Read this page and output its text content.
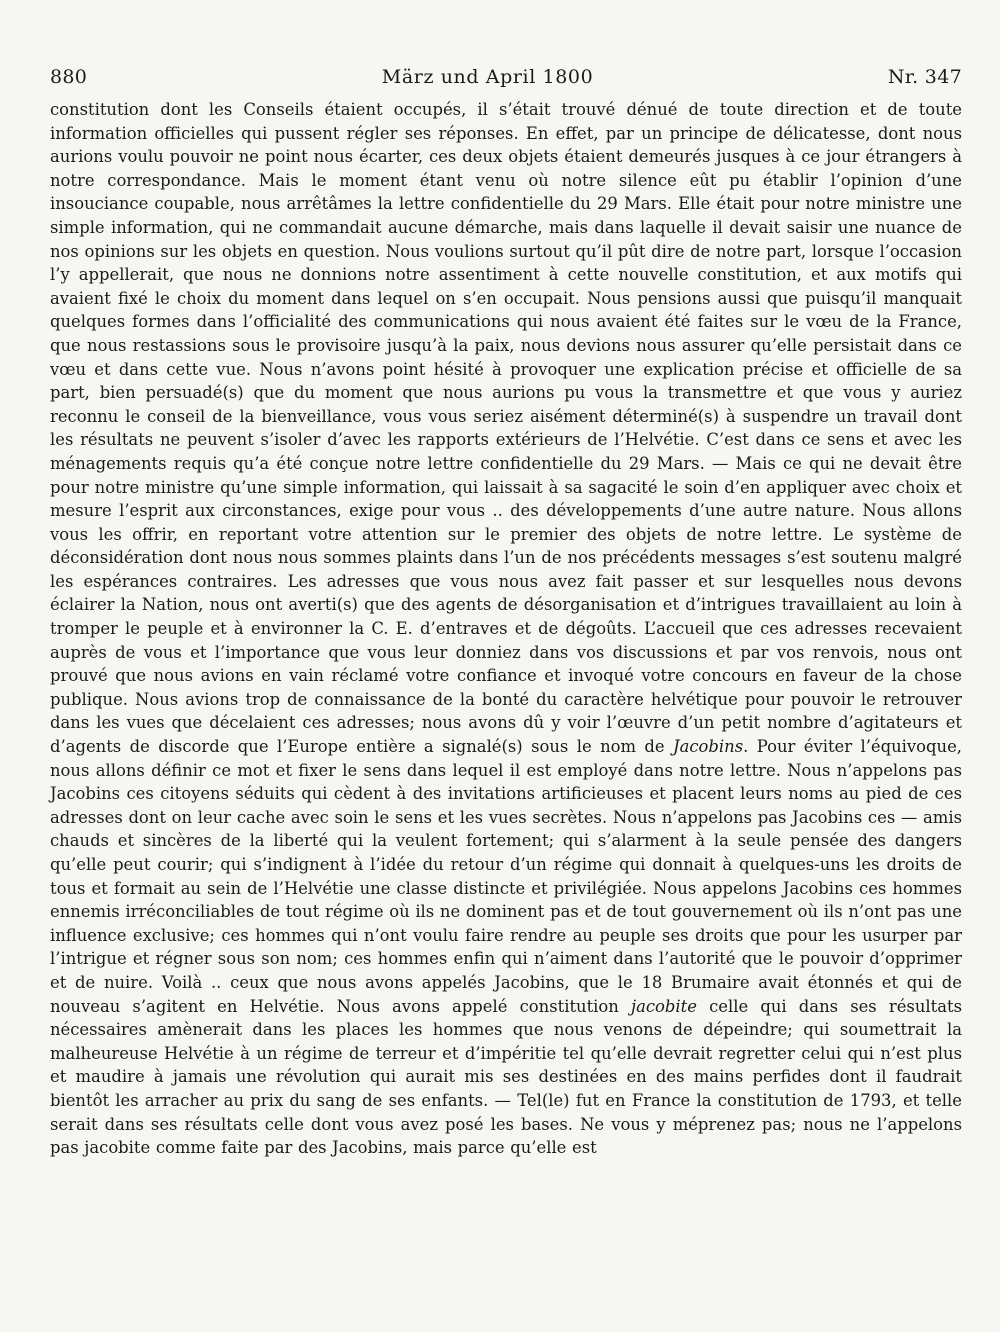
880	März und April 1800	Nr. 347
constitution dont les Conseils étaient occupés, il s’était trouvé dénué de toute direction et de toute information officielles qui pussent régler ses réponses. En effet, par un principe de délicatesse, dont nous aurions voulu pouvoir ne point nous écarter, ces deux objets étaient demeurés jusques à ce jour étrangers à notre correspondance. Mais le moment étant venu où notre silence eût pu établir l’opinion d’une insouciance coupable, nous arrêtâmes la lettre confidentielle du 29 Mars. Elle était pour notre ministre une simple information, qui ne commandait aucune démarche, mais dans laquelle il devait saisir une nuance de nos opinions sur les objets en question. Nous voulions surtout qu’il pût dire de notre part, lorsque l’occasion l’y appellerait, que nous ne donnions notre assentiment à cette nouvelle constitution, et aux motifs qui avaient fixé le choix du moment dans lequel on s’en occupait. Nous pensions aussi que puisqu’il manquait quelques formes dans l’officialité des communications qui nous avaient été faites sur le vœu de la France, que nous restassions sous le provisoire jusqu’à la paix, nous devions nous assurer qu’elle persistait dans ce vœu et dans cette vue. Nous n’avons point hésité à provoquer une explication précise et officielle de sa part, bien persuadé(s) que du moment que nous aurions pu vous la transmettre et que vous y auriez reconnu le conseil de la bienveillance, vous vous seriez aisément déterminé(s) à suspendre un travail dont les résultats ne peuvent s’isoler d’avec les rapports extérieurs de l’Helvétie. C’est dans ce sens et avec les ménagements requis qu’a été conçue notre lettre confidentielle du 29 Mars. — Mais ce qui ne devait être pour notre ministre qu’une simple information, qui laissait à sa sagacité le soin d’en appliquer avec choix et mesure l’esprit aux circonstances, exige pour vous .. des développements d’une autre nature. Nous allons vous les offrir, en reportant votre attention sur le premier des objets de notre lettre. Le système de déconsidération dont nous nous sommes plaints dans l’un de nos précédents messages s’est soutenu malgré les espérances contraires. Les adresses que vous nous avez fait passer et sur lesquelles nous devons éclairer la Nation, nous ont averti(s) que des agents de désorganisation et d’intrigues travaillaient au loin à tromper le peuple et à environner la C. E. d’entraves et de dégoûts. L’accueil que ces adresses recevaient auprès de vous et l’importance que vous leur donniez dans vos discussions et par vos renvois, nous ont prouvé que nous avions en vain réclamé votre confiance et invoqué votre concours en faveur de la chose publique. Nous avions trop de connaissance de la bonté du caractère helvétique pour pouvoir le retrouver dans les vues que décelaient ces adresses; nous avons dû y voir l’œuvre d’un petit nombre d’agitateurs et d’agents de discorde que l’Europe entière a signalé(s) sous le nom de Jacobins. Pour éviter l’équivoque, nous allons définir ce mot et fixer le sens dans lequel il est employé dans notre lettre. Nous n’appelons pas Jacobins ces citoyens séduits qui cèdent à des invitations artificieuses et placent leurs noms au pied de ces adresses dont on leur cache avec soin le sens et les vues secrètes. Nous n’appelons pas Jacobins ces — amis chauds et sincères de la liberté qui la veulent fortement; qui s’alarment à la seule pensée des dangers qu’elle peut courir; qui s’indignent à l’idée du retour d’un régime qui donnait à quelques-uns les droits de tous et formait au sein de l’Helvétie une classe distincte et privilégiée. Nous appelons Jacobins ces hommes ennemis irréconciliables de tout régime où ils ne dominent pas et de tout gouvernement où ils n’ont pas une influence exclusive; ces hommes qui n’ont voulu faire rendre au peuple ses droits que pour les usurper par l’intrigue et régner sous son nom; ces hommes enfin qui n’aiment dans l’autorité que le pouvoir d’opprimer et de nuire. Voilà .. ceux que nous avons appelés Jacobins, que le 18 Brumaire avait étonnés et qui de nouveau s’agitent en Helvétie. Nous avons appelé constitution jacobite celle qui dans ses résultats nécessaires amènerait dans les places les hommes que nous venons de dépeindre; qui soumettrait la malheureuse Helvétie à un régime de terreur et d’impéritie tel qu’elle devrait regretter celui qui n’est plus et maudire à jamais une révolution qui aurait mis ses destinées en des mains perfides dont il faudrait bientôt les arracher au prix du sang de ses enfants. — Tel(le) fut en France la constitution de 1793, et telle serait dans ses résultats celle dont vous avez posé les bases. Ne vous y méprenez pas; nous ne l’appelons pas jacobite comme faite par des Jacobins, mais parce qu’elle est
